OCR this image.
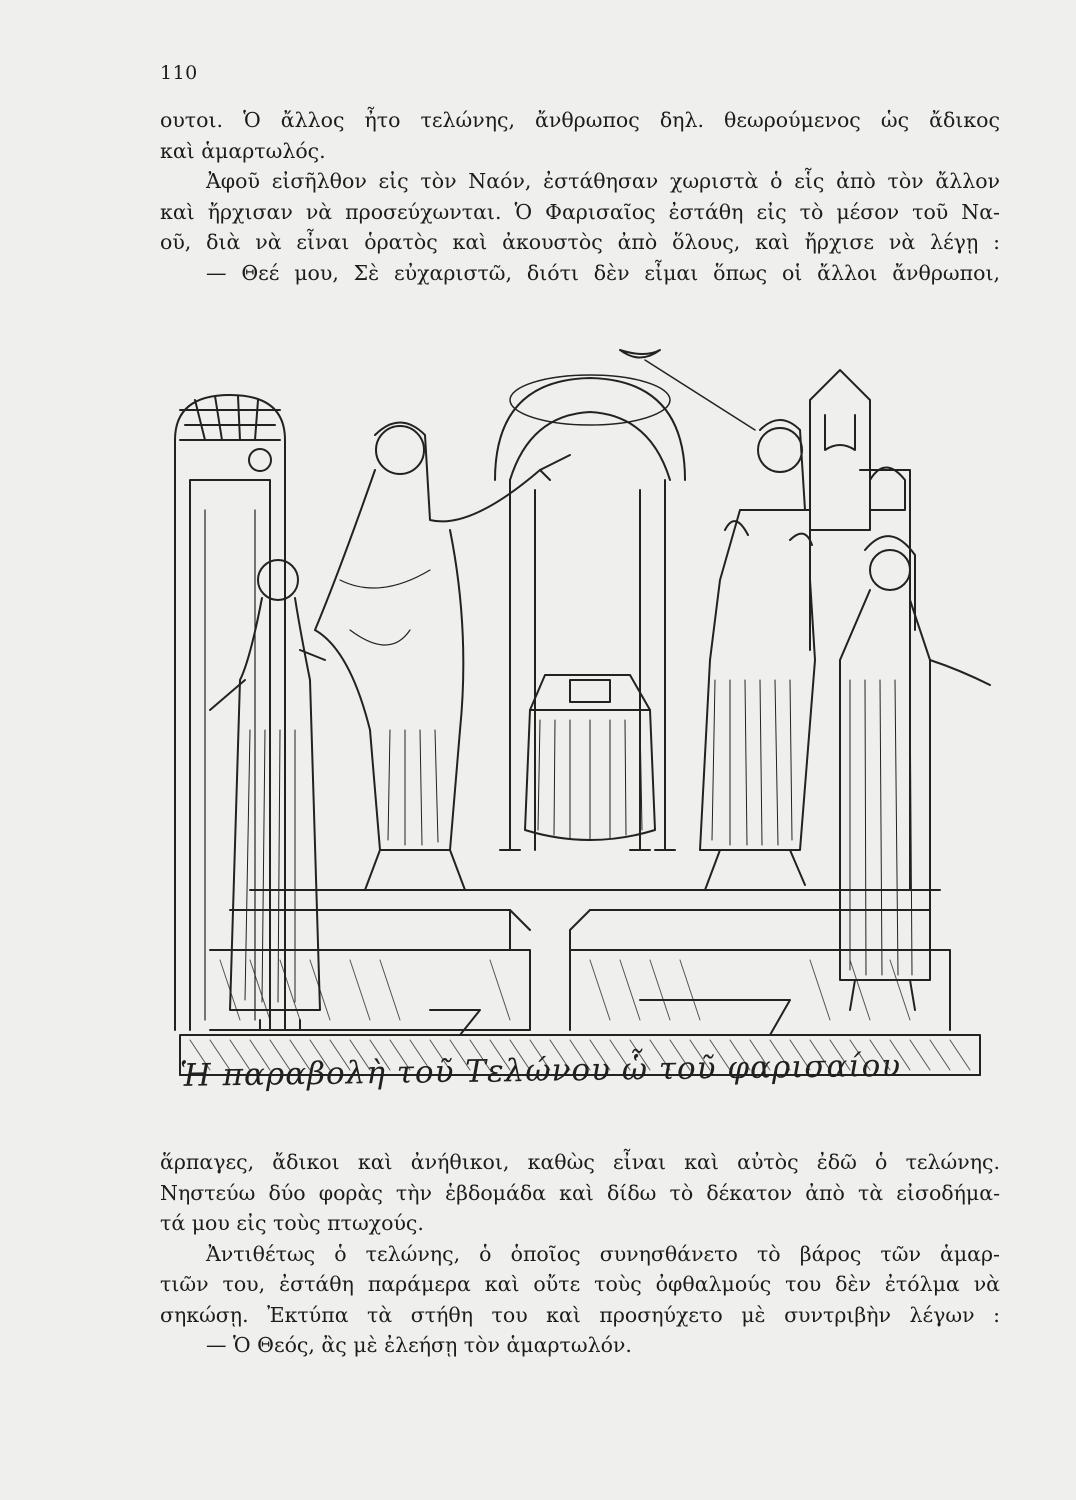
110

ουτοι. Ὁ ἄλλος ἦτο τελώνης, ἄνθρωπος δηλ. θεωρούμενος ὡς ἄδικος

καὶ ἁμαρτωλός.

Ἀφοῦ εἰσῆλθον εἰς τὸν Ναόν, ἐστάθησαν χωριστὰ ὁ εἷς ἀπὸ τὸν ἄλλον

καὶ ἤρχισαν νὰ προσεύχωνται. Ὁ Φαρισαῖος ἐστάθη εἰς τὸ μέσον τοῦ Να-

οῦ, διὰ νὰ εἶναι ὁρατὸς καὶ ἀκουστὸς ἀπὸ ὅλους, καὶ ἤρχισε νὰ λέγῃ :

— Θεέ μου, Σὲ εὐχαριστῶ, διότι δὲν εἶμαι ὅπως οἱ ἄλλοι ἄνθρωποι,

Ἡ παραβολὴ τοῦ Τελώνου ὧ τοῦ φαρισαίου

ἅρπαγες, ἄδικοι καὶ ἀνήθικοι, καθὼς εἶναι καὶ αὐτὸς ἐδῶ ὁ τελώνης.

Νηστεύω δύο φορὰς τὴν ἑβδομάδα καὶ δίδω τὸ δέκατον ἀπὸ τὰ εἰσοδήμα-

τά μου εἰς τοὺς πτωχούς.

Ἀντιθέτως ὁ τελώνης, ὁ ὁποῖος συνησθάνετο τὸ βάρος τῶν ἁμαρ-

τιῶν του, ἐστάθη παράμερα καὶ οὔτε τοὺς ὀφθαλμούς του δὲν ἐτόλμα νὰ

σηκώσῃ. Ἐκτύπα τὰ στήθη του καὶ προσηύχετο μὲ συντριβὴν λέγων :

— Ὁ Θεός, ἂς μὲ ἐλεήσῃ τὸν ἁμαρτωλόν.
